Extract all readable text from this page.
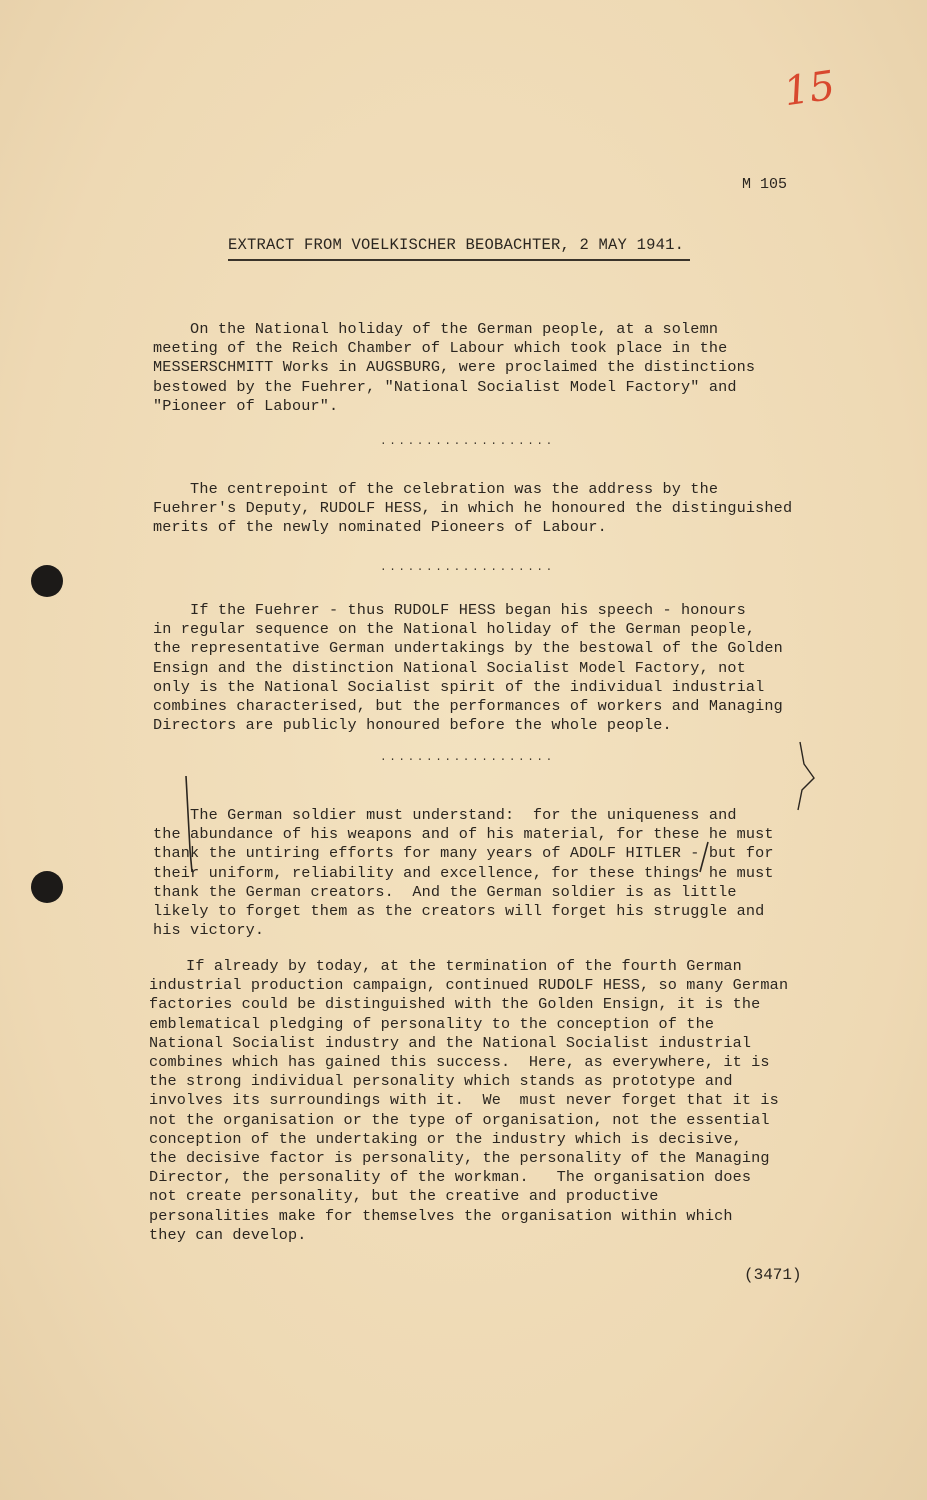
15
M 105
EXTRACT FROM VOELKISCHER BEOBACHTER, 2 MAY 1941.
On the National holiday of the German people, at a solemn
meeting of the Reich Chamber of Labour which took place in the
MESSERSCHMITT Works in AUGSBURG, were proclaimed the distinctions
bestowed by the Fuehrer, "National Socialist Model Factory" and
"Pioneer of Labour".
...................
The centrepoint of the celebration was the address by the
Fuehrer's Deputy, RUDOLF HESS, in which he honoured the distinguished
merits of the newly nominated Pioneers of Labour.
...................
If the Fuehrer - thus RUDOLF HESS began his speech - honours
in regular sequence on the National holiday of the German people,
the representative German undertakings by the bestowal of the Golden
Ensign and the distinction National Socialist Model Factory, not
only is the National Socialist spirit of the individual industrial
combines characterised, but the performances of workers and Managing
Directors are publicly honoured before the whole people.
...................
The German soldier must understand:  for the uniqueness and
the abundance of his weapons and of his material, for these he must
thank the untiring efforts for many years of ADOLF HITLER - but for
their uniform, reliability and excellence, for these things he must
thank the German creators.  And the German soldier is as little
likely to forget them as the creators will forget his struggle and
his victory.
If already by today, at the termination of the fourth German
industrial production campaign, continued RUDOLF HESS, so many German
factories could be distinguished with the Golden Ensign, it is the
emblematical pledging of personality to the conception of the
National Socialist industry and the National Socialist industrial
combines which has gained this success.  Here, as everywhere, it is
the strong individual personality which stands as prototype and
involves its surroundings with it.  We  must never forget that it is
not the organisation or the type of organisation, not the essential
conception of the undertaking or the industry which is decisive,
the decisive factor is personality, the personality of the Managing
Director, the personality of the workman.   The organisation does
not create personality, but the creative and productive
personalities make for themselves the organisation within which
they can develop.
(3471)
